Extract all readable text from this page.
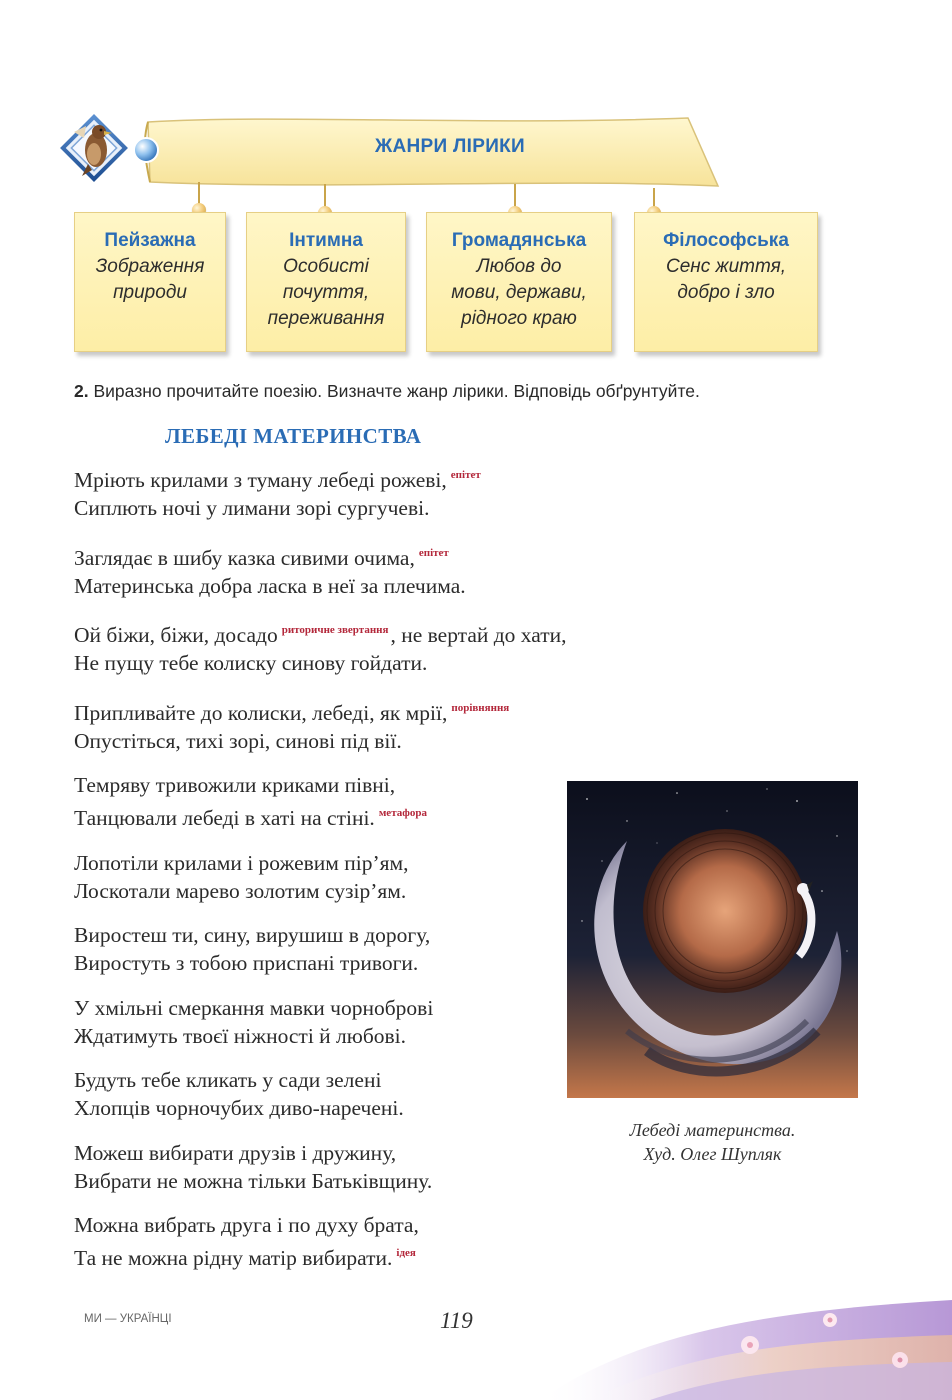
ЖАНРИ ЛІРИКИ
Пейзажна
Зображення
природи
Інтимна
Особисті
почуття,
переживання
Громадянська
Любов до
мови, держави,
рідного краю
Філософська
Сенс життя,
добро і зло
2. Виразно прочитайте поезію. Визначте жанр лірики. Відповідь обґрунтуйте.
ЛЕБЕДІ МАТЕРИНСТВА
Мріють крилами з туману лебеді рожеві, $^{епітет}$
Сиплють ночі у лимани зорі сургучеві.
Заглядає в шибу казка сивими очима, $^{епітет}$
Материнська добра ласка в неї за плечима.
Ой біжи, біжи, досадо $^{риторичне звертання}$, не вертай до хати,
Не пущу тебе колиску синову гойдати.
Припливайте до колиски, лебеді, як мрії, $^{порівняння}$
Опустіться, тихі зорі, синові під вії.
Темряву тривожили криками півні,
Танцювали лебеді в хаті на стіні. $^{метафора}$
Лопотіли крилами і рожевим пір’ям,
Лоскотали марево золотим сузір’ям.
Виростеш ти, сину, вирушиш в дорогу,
Виростуть з тобою приспані тривоги.
У хмільні смеркання мавки чорноброві
Ждатимуть твоєї ніжності й любові.
Будуть тебе кликать у сади зелені
Хлопців чорночубих диво-наречені.
Можеш вибирати друзів і дружину,
Вибрати не можна тільки Батьківщину.
Можна вибрать друга і по духу брата,
Та не можна рідну матір вибирати. $^{ідея}$
Лебеді материнства.
Худ. Олег Шупляк
МИ — УКРАЇНЦІ	119
